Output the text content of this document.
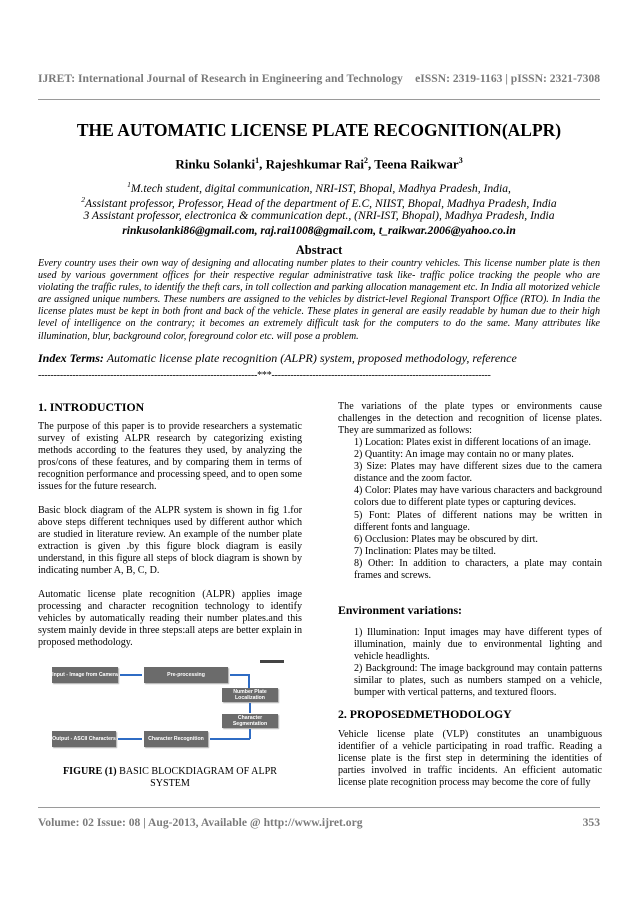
IJRET: International Journal of Research in Engineering and Technology eISSN: 2319-1163 | pISSN: 2321-7308
THE AUTOMATIC LICENSE PLATE RECOGNITION(ALPR)
Rinku Solanki$^1$, Rajeshkumar Rai$^2$, Teena Raikwar$^3$
$^1$M.tech student, digital communication, NRI-IST, Bhopal, Madhya Pradesh, India,
$^2$Assistant professor, Professor, Head of the department of E.C, NIIST, Bhopal, Madhya Pradesh, India
3 Assistant professor, electronica & communication dept., (NRI-IST, Bhopal), Madhya Pradesh, India
rinkusolanki86@gmail.com, raj.rai1008@gmail.com, t_raikwar.2006@yahoo.co.in
Abstract
Every country uses their own way of designing and allocating number plates to their country vehicles. This license number plate is then used by various government offices for their respective regular administrative task like- traffic police tracking the people who are violating the traffic rules, to identify the theft cars, in toll collection and parking allocation management etc. In India all motorized vehicle are assigned unique numbers. These numbers are assigned to the vehicles by district-level Regional Transport Office (RTO). In India the license plates must be kept in both front and back of the vehicle. These plates in general are easily readable by human due to their high level of intelligence on the contrary; it becomes an extremely difficult task for the computers to do the same. Many attributes like illumination, blur, background color, foreground color etc. will pose a problem.
Index Terms: Automatic license plate recognition (ALPR) system, proposed methodology, reference
----------------------------------------------------------------------***----------------------------------------------------------------------
1. INTRODUCTION
The purpose of this paper is to provide researchers a systematic survey of existing ALPR research by categorizing existing methods according to the features they used, by analyzing the pros/cons of these features, and by comparing them in terms of recognition performance and processing speed, and to open some issues for the future research.
Basic block diagram of the ALPR system is shown in fig 1.for above steps different techniques used by different author which are studied in literature review. An example of the number plate extraction is given .by this figure block diagram is easily understand, in this figure all steps of block diagram is shown by indicating number A, B, C, D.
Automatic license plate recognition (ALPR) applies image processing and character recognition technology to identify vehicles by automatically reading their number plates.and this system mainly devide in three steps:all ateps are better explain in proposed methodology.
Input - Image from Camera	Pre-processing
Number Plate Localization
Character Segmentation
Character Recognition
Output - ASCII Characters
FIGURE (1) BASIC BLOCKDIAGRAM OF ALPR SYSTEM
The variations of the plate types or environments cause challenges in the detection and recognition of license plates. They are summarized as follows:
1) Location: Plates exist in different locations of an image.
2) Quantity: An image may contain no or many plates.
3) Size: Plates may have different sizes due to the camera distance and the zoom factor.
4) Color: Plates may have various characters and background colors due to different plate types or capturing devices.
5) Font: Plates of different nations may be written in different fonts and language.
6) Occlusion: Plates may be obscured by dirt.
7) Inclination: Plates may be tilted.
8) Other: In addition to characters, a plate may contain frames and screws.
Environment variations:
1) Illumination: Input images may have different types of illumination, mainly due to environmental lighting and vehicle headlights.
2) Background: The image background may contain patterns similar to plates, such as numbers stamped on a vehicle, bumper with vertical patterns, and textured floors.
2. PROPOSEDMETHODOLOGY
Vehicle license plate (VLP) constitutes an unambiguous identifier of a vehicle participating in road traffic. Reading a license plate is the first step in determining the identities of parties involved in traffic incidents. An efficient automatic license plate recognition process may become the core of fully
Volume: 02 Issue: 08 | Aug-2013, Available @ http://www.ijret.org	353
